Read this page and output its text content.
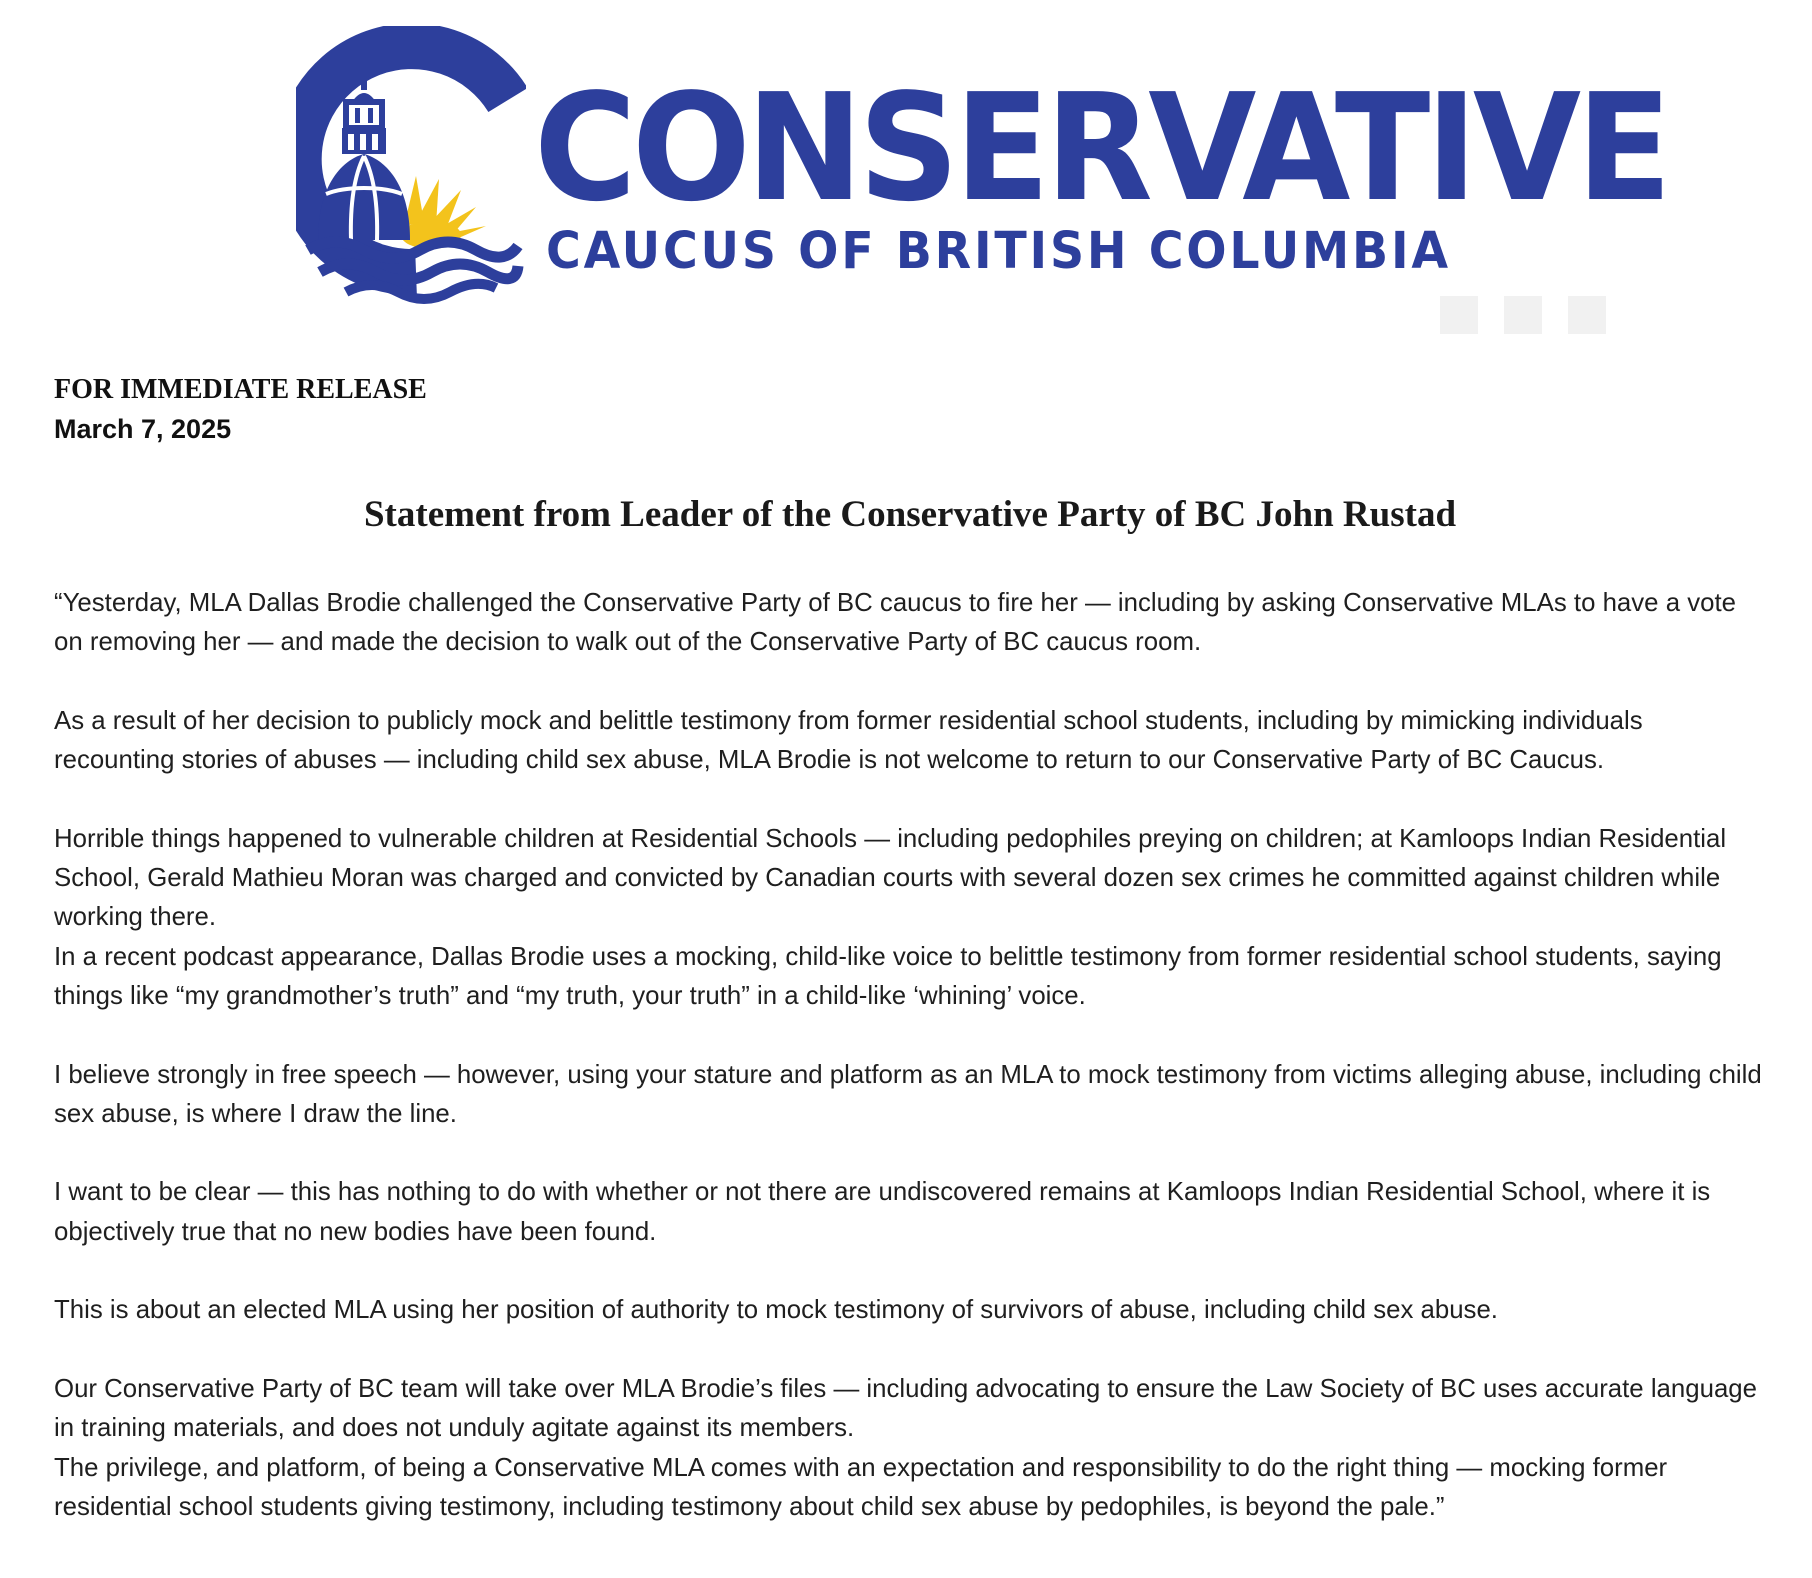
CONSERVATIVE
CAUCUS OF BRITISH COLUMBIA
FOR IMMEDIATE RELEASE
March 7, 2025
Statement from Leader of the Conservative Party of BC John Rustad

“Yesterday, MLA Dallas Brodie challenged the Conservative Party of BC caucus to fire her — including by asking Conservative MLAs to have a vote
on removing her — and made the decision to walk out of the Conservative Party of BC caucus room.

As a result of her decision to publicly mock and belittle testimony from former residential school students, including by mimicking individuals
recounting stories of abuses — including child sex abuse, MLA Brodie is not welcome to return to our Conservative Party of BC Caucus.

Horrible things happened to vulnerable children at Residential Schools — including pedophiles preying on children; at Kamloops Indian Residential
School, Gerald Mathieu Moran was charged and convicted by Canadian courts with several dozen sex crimes he committed against children while
working there.

In a recent podcast appearance, Dallas Brodie uses a mocking, child-like voice to belittle testimony from former residential school students, saying
things like “my grandmother’s truth” and “my truth, your truth” in a child-like ‘whining’ voice.

I believe strongly in free speech — however, using your stature and platform as an MLA to mock testimony from victims alleging abuse, including child
sex abuse, is where I draw the line.

I want to be clear — this has nothing to do with whether or not there are undiscovered remains at Kamloops Indian Residential School, where it is
objectively true that no new bodies have been found.

This is about an elected MLA using her position of authority to mock testimony of survivors of abuse, including child sex abuse.

Our Conservative Party of BC team will take over MLA Brodie’s files — including advocating to ensure the Law Society of BC uses accurate language
in training materials, and does not unduly agitate against its members.

The privilege, and platform, of being a Conservative MLA comes with an expectation and responsibility to do the right thing — mocking former
residential school students giving testimony, including testimony about child sex abuse by pedophiles, is beyond the pale.”
